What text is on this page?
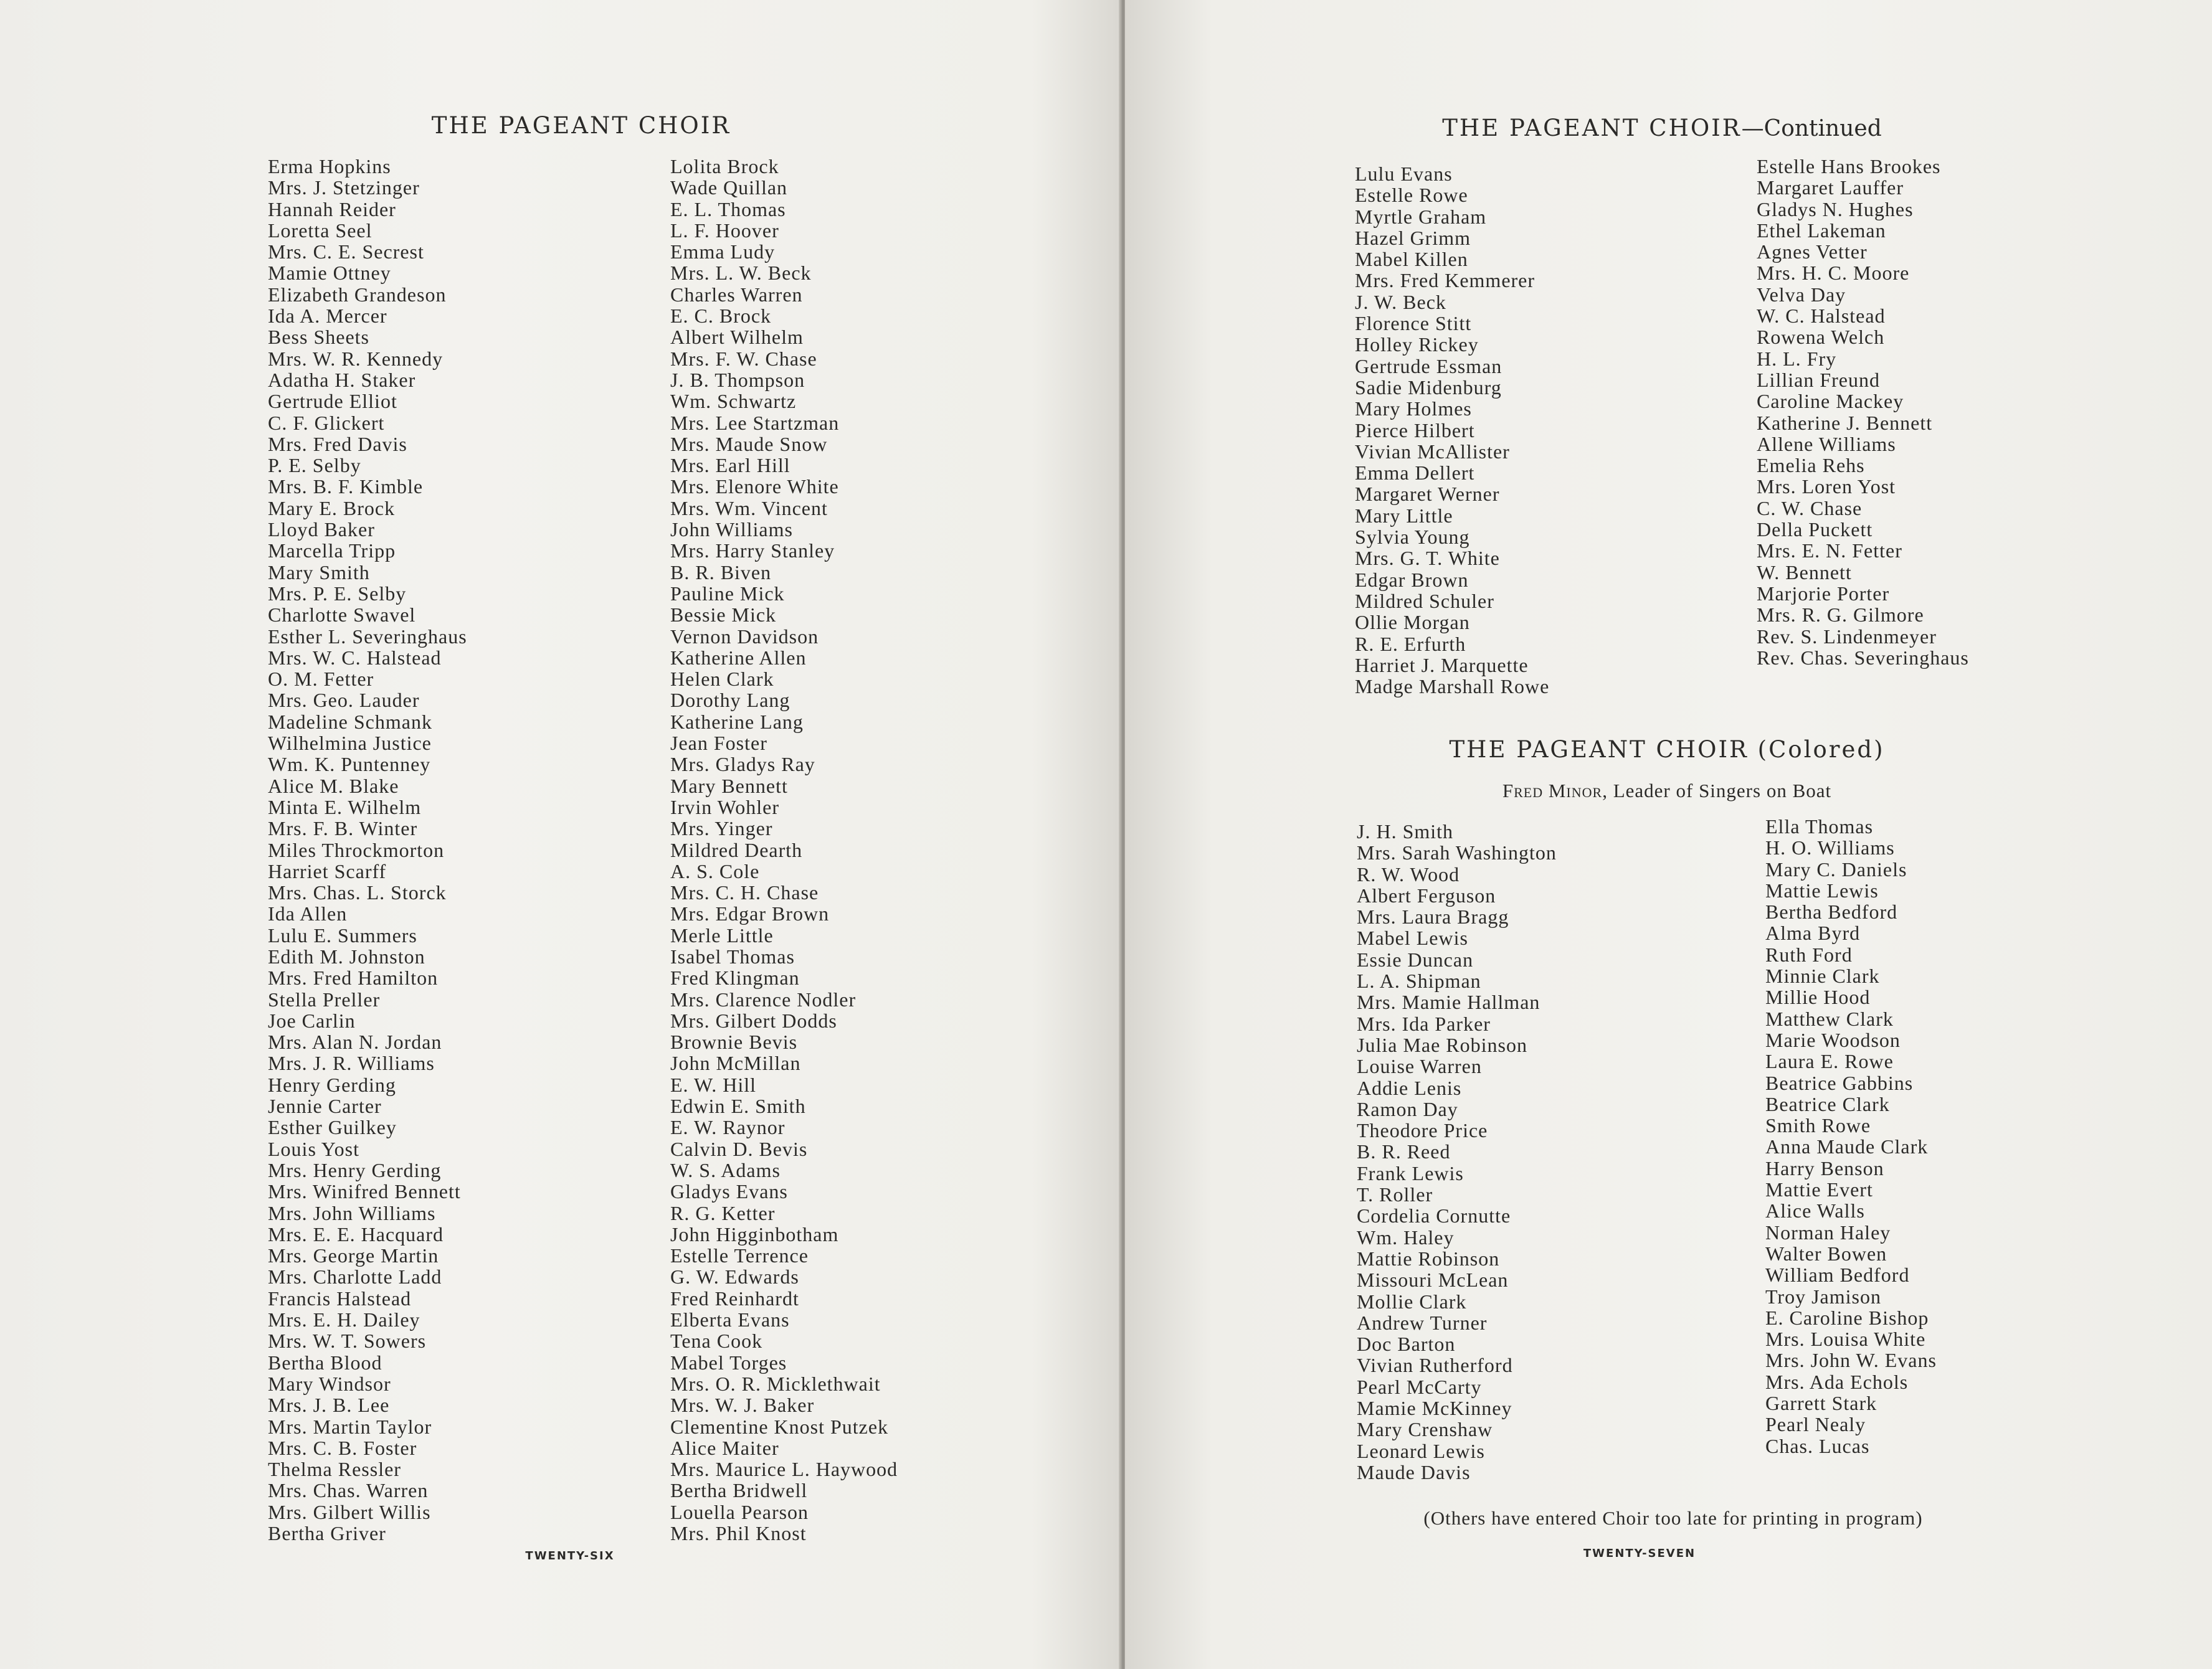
THE PAGEANT CHOIR
Erma Hopkins
Mrs. J. Stetzinger
Hannah Reider
Loretta Seel
Mrs. C. E. Secrest
Mamie Ottney
Elizabeth Grandeson
Ida A. Mercer
Bess Sheets
Mrs. W. R. Kennedy
Adatha H. Staker
Gertrude Elliot
C. F. Glickert
Mrs. Fred Davis
P. E. Selby
Mrs. B. F. Kimble
Mary E. Brock
Lloyd Baker
Marcella Tripp
Mary Smith
Mrs. P. E. Selby
Charlotte Swavel
Esther L. Severinghaus
Mrs. W. C. Halstead
O. M. Fetter
Mrs. Geo. Lauder
Madeline Schmank
Wilhelmina Justice
Wm. K. Puntenney
Alice M. Blake
Minta E. Wilhelm
Mrs. F. B. Winter
Miles Throckmorton
Harriet Scarff
Mrs. Chas. L. Storck
Ida Allen
Lulu E. Summers
Edith M. Johnston
Mrs. Fred Hamilton
Stella Preller
Joe Carlin
Mrs. Alan N. Jordan
Mrs. J. R. Williams
Henry Gerding
Jennie Carter
Esther Guilkey
Louis Yost
Mrs. Henry Gerding
Mrs. Winifred Bennett
Mrs. John Williams
Mrs. E. E. Hacquard
Mrs. George Martin
Mrs. Charlotte Ladd
Francis Halstead
Mrs. E. H. Dailey
Mrs. W. T. Sowers
Bertha Blood
Mary Windsor
Mrs. J. B. Lee
Mrs. Martin Taylor
Mrs. C. B. Foster
Thelma Ressler
Mrs. Chas. Warren
Mrs. Gilbert Willis
Bertha Griver
Lolita Brock
Wade Quillan
E. L. Thomas
L. F. Hoover
Emma Ludy
Mrs. L. W. Beck
Charles Warren
E. C. Brock
Albert Wilhelm
Mrs. F. W. Chase
J. B. Thompson
Wm. Schwartz
Mrs. Lee Startzman
Mrs. Maude Snow
Mrs. Earl Hill
Mrs. Elenore White
Mrs. Wm. Vincent
John Williams
Mrs. Harry Stanley
B. R. Biven
Pauline Mick
Bessie Mick
Vernon Davidson
Katherine Allen
Helen Clark
Dorothy Lang
Katherine Lang
Jean Foster
Mrs. Gladys Ray
Mary Bennett
Irvin Wohler
Mrs. Yinger
Mildred Dearth
A. S. Cole
Mrs. C. H. Chase
Mrs. Edgar Brown
Merle Little
Isabel Thomas
Fred Klingman
Mrs. Clarence Nodler
Mrs. Gilbert Dodds
Brownie Bevis
John McMillan
E. W. Hill
Edwin E. Smith
E. W. Raynor
Calvin D. Bevis
W. S. Adams
Gladys Evans
R. G. Ketter
John Higginbotham
Estelle Terrence
G. W. Edwards
Fred Reinhardt
Elberta Evans
Tena Cook
Mabel Torges
Mrs. O. R. Micklethwait
Mrs. W. J. Baker
Clementine Knost Putzek
Alice Maiter
Mrs. Maurice L. Haywood
Bertha Bridwell
Louella Pearson
Mrs. Phil Knost
TWENTY-SIX
THE PAGEANT CHOIR—Continued
Lulu Evans
Estelle Rowe
Myrtle Graham
Hazel Grimm
Mabel Killen
Mrs. Fred Kemmerer
J. W. Beck
Florence Stitt
Holley Rickey
Gertrude Essman
Sadie Midenburg
Mary Holmes
Pierce Hilbert
Vivian McAllister
Emma Dellert
Margaret Werner
Mary Little
Sylvia Young
Mrs. G. T. White
Edgar Brown
Mildred Schuler
Ollie Morgan
R. E. Erfurth
Harriet J. Marquette
Madge Marshall Rowe
Estelle Hans Brookes
Margaret Lauffer
Gladys N. Hughes
Ethel Lakeman
Agnes Vetter
Mrs. H. C. Moore
Velva Day
W. C. Halstead
Rowena Welch
H. L. Fry
Lillian Freund
Caroline Mackey
Katherine J. Bennett
Allene Williams
Emelia Rehs
Mrs. Loren Yost
C. W. Chase
Della Puckett
Mrs. E. N. Fetter
W. Bennett
Marjorie Porter
Mrs. R. G. Gilmore
Rev. S. Lindenmeyer
Rev. Chas. Severinghaus
THE PAGEANT CHOIR (Colored)
Fred Minor, Leader of Singers on Boat
J. H. Smith
Mrs. Sarah Washington
R. W. Wood
Albert Ferguson
Mrs. Laura Bragg
Mabel Lewis
Essie Duncan
L. A. Shipman
Mrs. Mamie Hallman
Mrs. Ida Parker
Julia Mae Robinson
Louise Warren
Addie Lenis
Ramon Day
Theodore Price
B. R. Reed
Frank Lewis
T. Roller
Cordelia Cornutte
Wm. Haley
Mattie Robinson
Missouri McLean
Mollie Clark
Andrew Turner
Doc Barton
Vivian Rutherford
Pearl McCarty
Mamie McKinney
Mary Crenshaw
Leonard Lewis
Maude Davis
Ella Thomas
H. O. Williams
Mary C. Daniels
Mattie Lewis
Bertha Bedford
Alma Byrd
Ruth Ford
Minnie Clark
Millie Hood
Matthew Clark
Marie Woodson
Laura E. Rowe
Beatrice Gabbins
Beatrice Clark
Smith Rowe
Anna Maude Clark
Harry Benson
Mattie Evert
Alice Walls
Norman Haley
Walter Bowen
William Bedford
Troy Jamison
E. Caroline Bishop
Mrs. Louisa White
Mrs. John W. Evans
Mrs. Ada Echols
Garrett Stark
Pearl Nealy
Chas. Lucas
(Others have entered Choir too late for printing in program)
TWENTY-SEVEN
